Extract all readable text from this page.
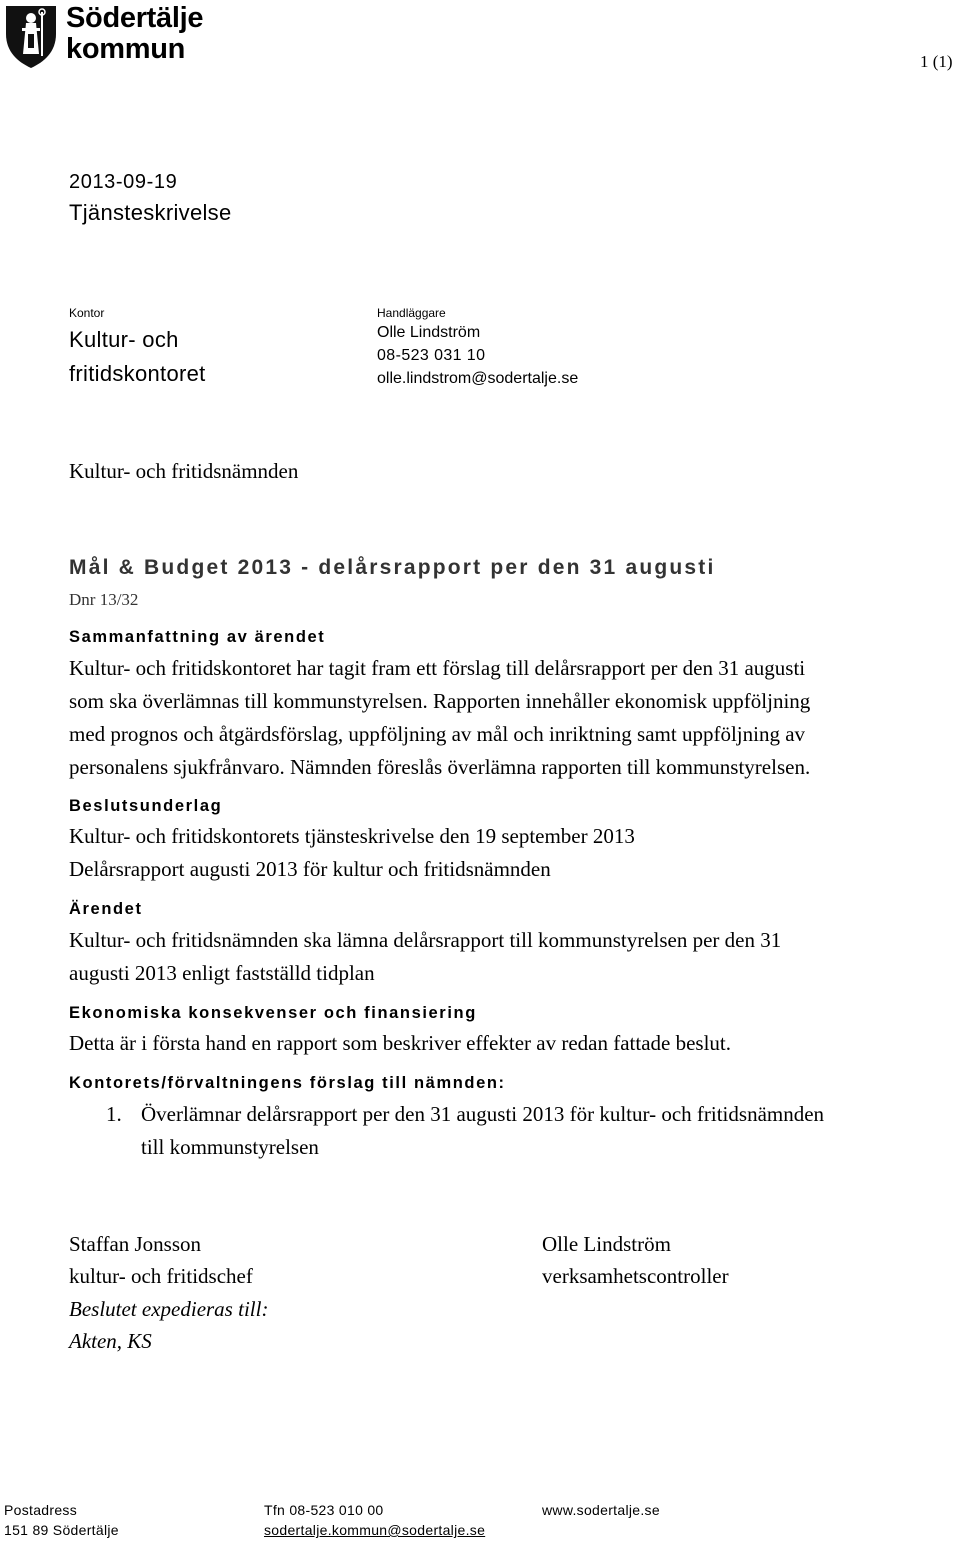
Södertälje
kommun	1 (1)
2013-09-19
Tjänsteskrivelse
Kontor
Kultur- och fritidskontoret
Handläggare
Olle Lindström
08-523 031 10
olle.lindstrom@sodertalje.se
Kultur- och fritidsnämnden
Mål & Budget 2013 - delårsrapport per den 31 augusti
Dnr 13/32
Sammanfattning av ärendet
Kultur- och fritidskontoret har tagit fram ett förslag till delårsrapport per den 31 augusti
som ska överlämnas till kommunstyrelsen. Rapporten innehåller ekonomisk uppföljning
med prognos och åtgärdsförslag, uppföljning av mål och inriktning samt uppföljning av
personalens sjukfrånvaro. Nämnden föreslås överlämna rapporten till kommunstyrelsen.
Beslutsunderlag
Kultur- och fritidskontorets tjänsteskrivelse den 19 september 2013
Delårsrapport augusti 2013 för kultur och fritidsnämnden
Ärendet
Kultur- och fritidsnämnden ska lämna delårsrapport till kommunstyrelsen per den 31
augusti 2013 enligt fastställd tidplan
Ekonomiska konsekvenser och finansiering
Detta är i första hand en rapport som beskriver effekter av redan fattade beslut.
Kontorets/förvaltningens förslag till nämnden:
1. Överlämnar delårsrapport per den 31 augusti 2013 för kultur- och fritidsnämnden
till kommunstyrelsen
Staffan Jonsson
kultur- och fritidschef
Olle Lindström
verksamhetscontroller
Beslutet expedieras till:
Akten, KS
Postadress
151 89 Södertälje
Tfn 08-523 010 00
sodertalje.kommun@sodertalje.se
www.sodertalje.se
